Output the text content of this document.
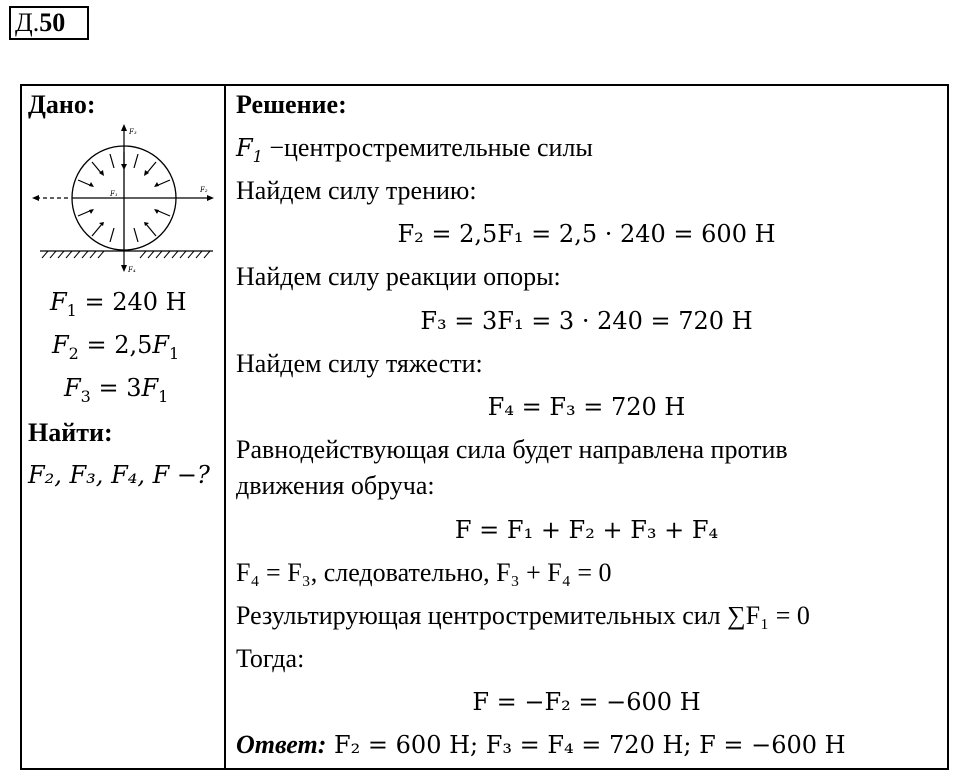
Д.50
Дано:
F₃
F₂
F₄
F₁
$F_1 = 240$ Н
$F_2 = 2,5F_1$
$F_3 = 3F_1$
Найти:
F₂, F₃, F₄, F −?
Решение:
$F_1$ −центростремительные силы
Найдем силу трению:
F₂ = 2,5F₁ = 2,5 · 240 = 600 Н
Найдем силу реакции опоры:
F₃ = 3F₁ = 3 · 240 = 720 Н
Найдем силу тяжести:
F₄ = F₃ = 720 Н
Равнодействующая сила будет направлена против
движения обруча:
F = F₁ + F₂ + F₃ + F₄
F₄ = F₃, следовательно, F₃ + F₄ = 0
Результирующая центростремительных сил ∑F₁ = 0
Тогда:
F = −F₂ = −600 Н
Ответ: F₂ = 600 Н; F₃ = F₄ = 720 Н; F = −600 Н
